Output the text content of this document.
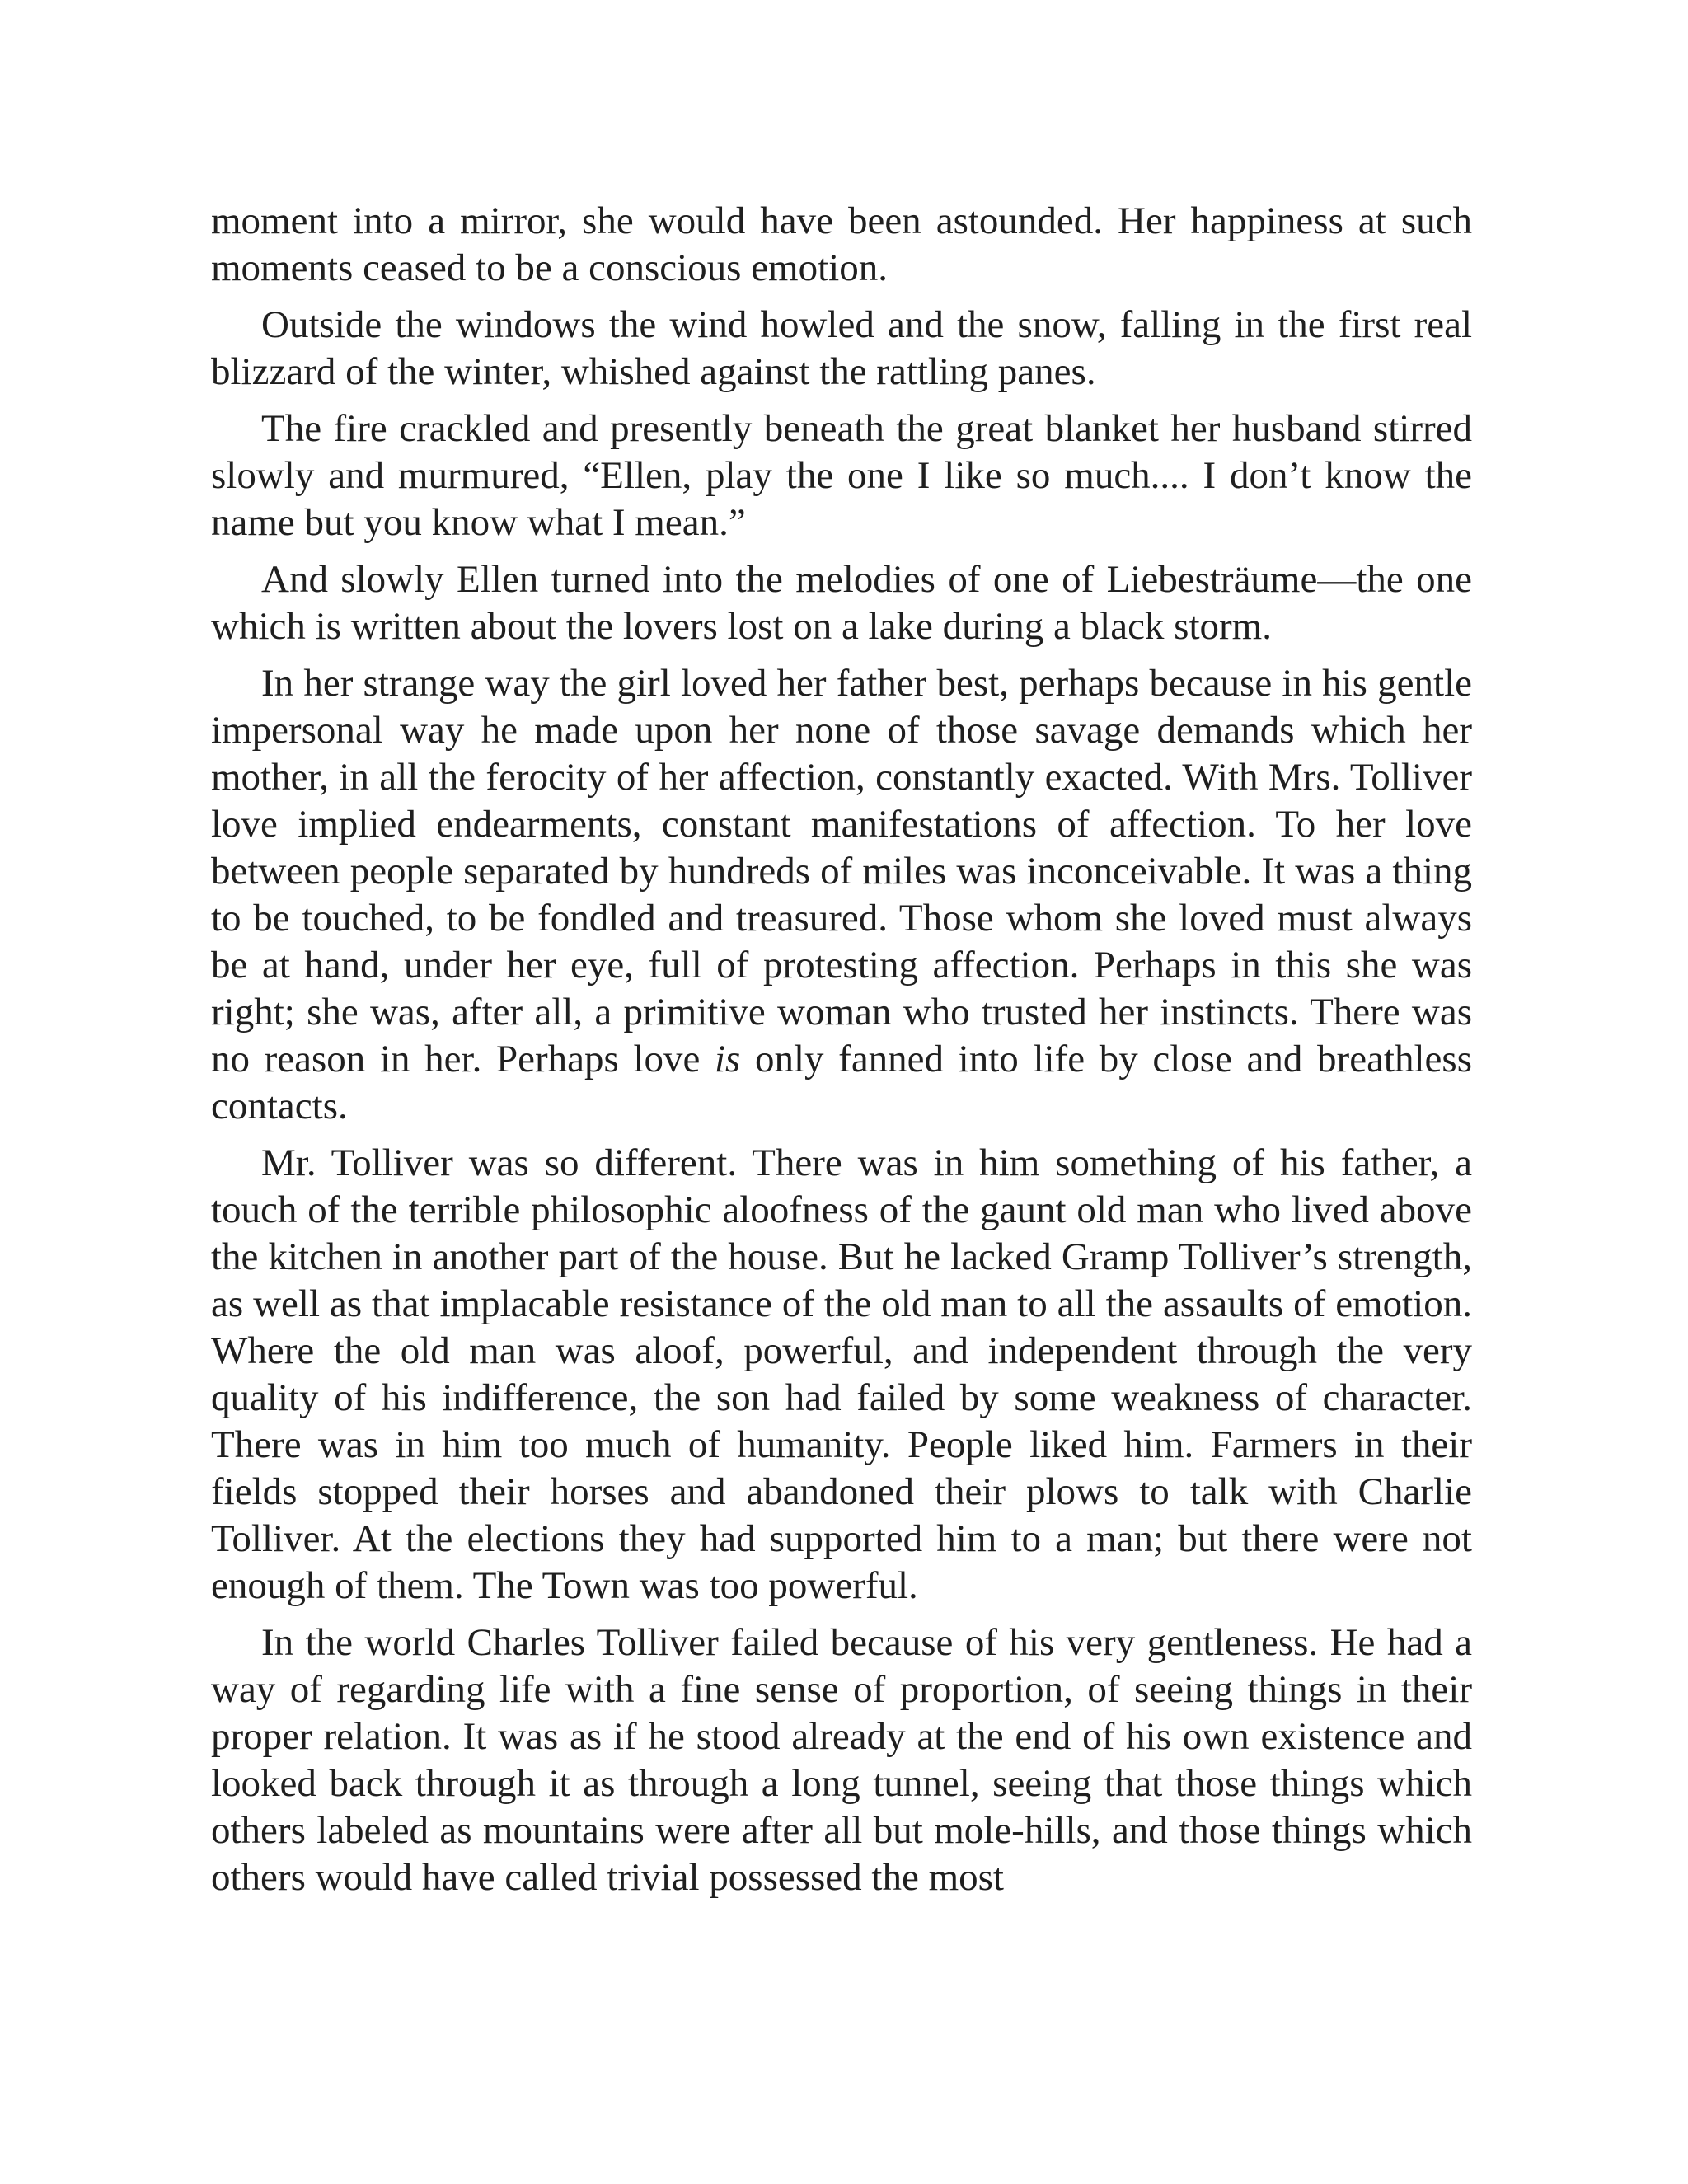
moment into a mirror, she would have been astounded. Her happiness at such moments ceased to be a conscious emotion.

Outside the windows the wind howled and the snow, falling in the first real blizzard of the winter, whished against the rattling panes.

The fire crackled and presently beneath the great blanket her husband stirred slowly and murmured, “Ellen, play the one I like so much.... I don’t know the name but you know what I mean.”

And slowly Ellen turned into the melodies of one of Liebesträume—the one which is written about the lovers lost on a lake during a black storm.

In her strange way the girl loved her father best, perhaps because in his gentle impersonal way he made upon her none of those savage demands which her mother, in all the ferocity of her affection, constantly exacted. With Mrs. Tolliver love implied endearments, constant manifestations of affection. To her love between people separated by hundreds of miles was inconceivable. It was a thing to be touched, to be fondled and treasured. Those whom she loved must always be at hand, under her eye, full of protesting affection. Perhaps in this she was right; she was, after all, a primitive woman who trusted her instincts. There was no reason in her. Perhaps love is only fanned into life by close and breathless contacts.

Mr. Tolliver was so different. There was in him something of his father, a touch of the terrible philosophic aloofness of the gaunt old man who lived above the kitchen in another part of the house. But he lacked Gramp Tolliver’s strength, as well as that implacable resistance of the old man to all the assaults of emotion. Where the old man was aloof, powerful, and independent through the very quality of his indifference, the son had failed by some weakness of character. There was in him too much of humanity. People liked him. Farmers in their fields stopped their horses and abandoned their plows to talk with Charlie Tolliver. At the elections they had supported him to a man; but there were not enough of them. The Town was too powerful.

In the world Charles Tolliver failed because of his very gentleness. He had a way of regarding life with a fine sense of proportion, of seeing things in their proper relation. It was as if he stood already at the end of his own existence and looked back through it as through a long tunnel, seeing that those things which others labeled as mountains were after all but mole-hills, and those things which others would have called trivial possessed the most
